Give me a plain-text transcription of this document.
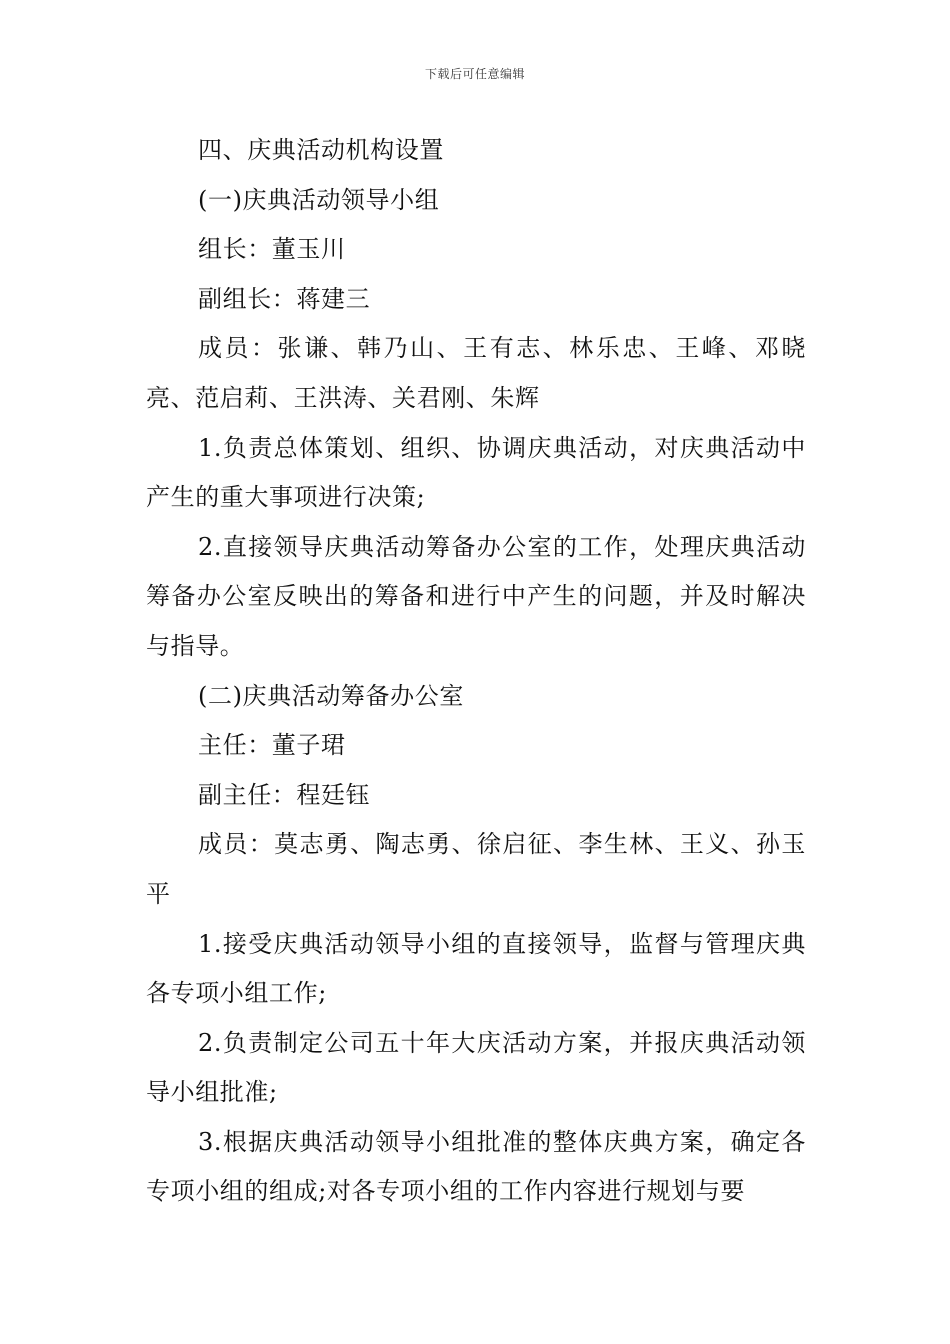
下载后可任意编辑

四、庆典活动机构设置

(一)庆典活动领导小组

组长：董玉川

副组长：蒋建三

成员：张谦、韩乃山、王有志、林乐忠、王峰、邓晓亮、范启莉、王洪涛、关君刚、朱辉

1.负责总体策划、组织、协调庆典活动，对庆典活动中产生的重大事项进行决策;

2.直接领导庆典活动筹备办公室的工作，处理庆典活动筹备办公室反映出的筹备和进行中产生的问题，并及时解决与指导。

(二)庆典活动筹备办公室

主任：董子珺

副主任：程廷钰

成员：莫志勇、陶志勇、徐启征、李生林、王义、孙玉平

1.接受庆典活动领导小组的直接领导，监督与管理庆典各专项小组工作;

2.负责制定公司五十年大庆活动方案，并报庆典活动领导小组批准;

3.根据庆典活动领导小组批准的整体庆典方案，确定各专项小组的组成;对各专项小组的工作内容进行规划与要
